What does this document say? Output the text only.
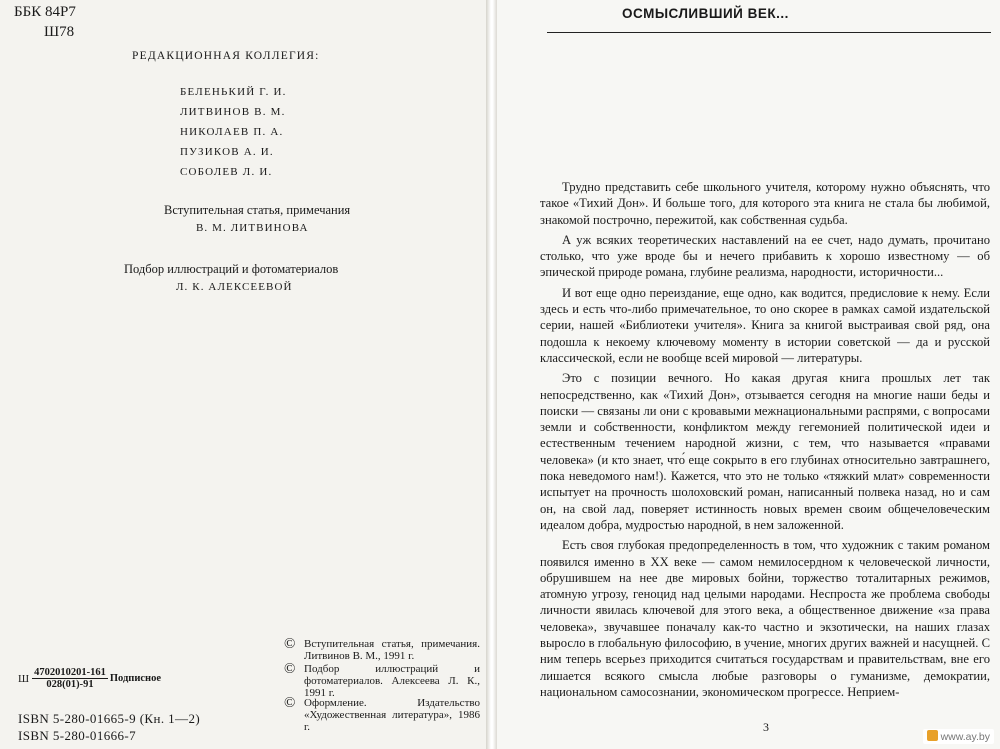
ББК 84Р7
Ш78
РЕДАКЦИОННАЯ КОЛЛЕГИЯ:
БЕЛЕНЬКИЙ Г. И.
ЛИТВИНОВ В. М.
НИКОЛАЕВ П. А.
ПУЗИКОВ А. И.
СОБОЛЕВ Л. И.
Вступительная статья, примечания
В. М. ЛИТВИНОВА
Подбор иллюстраций и фотоматериалов
Л. К. АЛЕКСЕЕВОЙ
Ш $\frac{4702010201-161}{028(01)-91}$ Подписное
ISBN 5-280-01665-9 (Кн. 1—2)
ISBN 5-280-01666-7
© Вступительная статья, примечания. Литвинов В. М., 1991 г.
© Подбор иллюстраций и фотоматериалов. Алексеева Л. К., 1991 г.
© Оформление. Издательство «Художественная литература», 1986 г.
ОСМЫСЛИВШИЙ ВЕК...

Трудно представить себе школьного учителя, которому нужно объяснять, что такое «Тихий Дон». И больше того, для которого эта книга не стала бы любимой, знакомой построчно, пережитой, как собственная судьба.

А уж всяких теоретических наставлений на ее счет, надо думать, прочитано столько, что уже вроде бы и нечего прибавить к хорошо известному — об эпической природе романа, глубине реализма, народности, историчности...

И вот еще одно переиздание, еще одно, как водится, предисловие к нему. Если здесь и есть что-либо примечательное, то оно скорее в рамках самой издательской серии, нашей «Библиотеки учителя». Книга за книгой выстраивая свой ряд, она подошла к некоему ключевому моменту в истории советской — да и русской классической, если не вообще всей мировой — литературы.

Это с позиции вечного. Но какая другая книга прошлых лет так непосредственно, как «Тихий Дон», отзывается сегодня на многие наши беды и поиски — связаны ли они с кровавыми межнациональными распрями, с вопросами земли и собственности, конфликтом между гегемонией политической идеи и естественным течением народной жизни, с тем, что называется «правами человека» (и кто знает, что́ еще сокрыто в его глубинах относительно завтрашнего, пока неведомого нам!). Кажется, что это не только «тяжкий млат» современности испытует на прочность шолоховский роман, написанный полвека назад, но и сам он, на свой лад, поверяет истинность новых времен своим общечеловеческим идеалом добра, мудростью народной, в нем заложенной.

Есть своя глубокая предопределенность в том, что художник с таким романом появился именно в XX веке — самом немилосердном к человеческой личности, обрушившем на нее две мировых бойни, торжество тоталитарных режимов, атомную угрозу, геноцид над целыми народами. Неспроста же проблема свободы личности явилась ключевой для этого века, а общественное движение «за права человека», звучавшее поначалу как-то частно и экзотически, на наших глазах выросло в глобальную философию, в учение, многих других важней и насущней. С ним теперь всерьез приходится считаться государствам и правительствам, вне его лишается всякого смысла любые разговоры о гуманизме, демократии, национальном самосознании, экономическом прогрессе. Неприем-

3
www.ay.by
